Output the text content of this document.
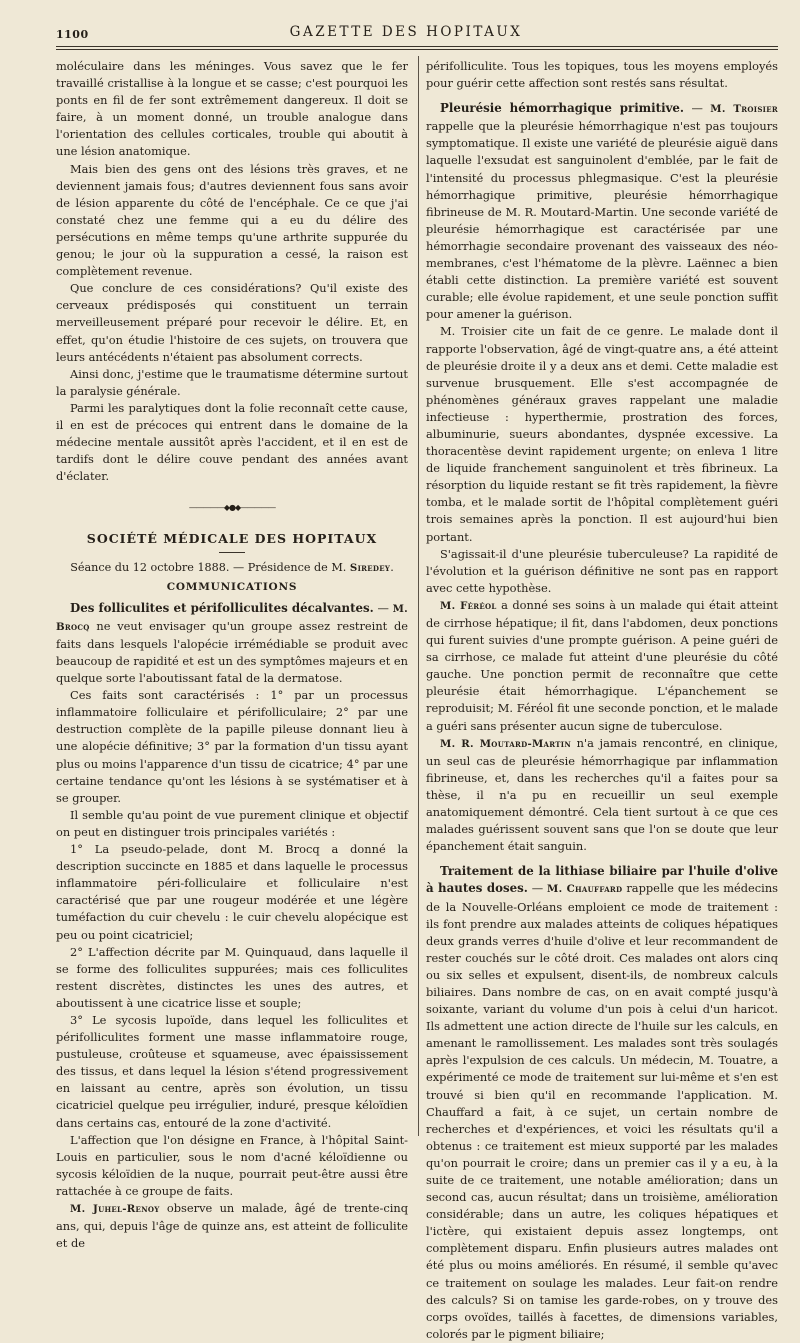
1100	GAZETTE DES HOPITAUX

moléculaire dans les méninges. Vous savez que le fer travaillé cristallise à la longue et se casse; c'est pourquoi les ponts en fil de fer sont extrêmement dangereux. Il doit se faire, à un moment donné, un trouble analogue dans l'orientation des cellules corticales, trouble qui aboutit à une lésion anatomique.

Mais bien des gens ont des lésions très graves, et ne deviennent jamais fous; d'autres deviennent fous sans avoir de lésion apparente du côté de l'encéphale. Ce ce que j'ai constaté chez une femme qui a eu du délire des persécutions en même temps qu'une arthrite suppurée du genou; le jour où la suppuration a cessé, la raison est complètement revenue.

Que conclure de ces considérations? Qu'il existe des cerveaux prédisposés qui constituent un terrain merveilleusement préparé pour recevoir le délire. Et, en effet, qu'on étudie l'histoire de ces sujets, on trouvera que leurs antécédents n'étaient pas absolument corrects.

Ainsi donc, j'estime que le traumatisme détermine surtout la paralysie générale.

Parmi les paralytiques dont la folie reconnaît cette cause, il en est de précoces qui entrent dans le domaine de la médecine mentale aussitôt après l'accident, et il en est de tardifs dont le délire couve pendant des années avant d'éclater.

—————◆●◆—————
SOCIÉTÉ MÉDICALE DES HOPITAUX

Séance du 12 octobre 1888. — Présidence de M. Siredey.

COMMUNICATIONS

Des folliculites et périfolliculites décalvantes. — M. Brocq ne veut envisager qu'un groupe assez restreint de faits dans lesquels l'alopécie irrémédiable se produit avec beaucoup de rapidité et est un des symptômes majeurs et en quelque sorte l'aboutissant fatal de la dermatose.

Ces faits sont caractérisés : 1° par un processus inflammatoire folliculaire et périfolliculaire; 2° par une destruction complète de la papille pileuse donnant lieu à une alopécie définitive; 3° par la formation d'un tissu ayant plus ou moins l'apparence d'un tissu de cicatrice; 4° par une certaine tendance qu'ont les lésions à se systématiser et à se grouper.

Il semble qu'au point de vue purement clinique et objectif on peut en distinguer trois principales variétés :

1° La pseudo-pelade, dont M. Brocq a donné la description succincte en 1885 et dans laquelle le processus inflammatoire péri-folliculaire et folliculaire n'est caractérisé que par une rougeur modérée et une légère tuméfaction du cuir chevelu : le cuir chevelu alopécique est peu ou point cicatriciel;

2° L'affection décrite par M. Quinquaud, dans laquelle il se forme des folliculites suppurées; mais ces folliculites restent discrètes, distinctes les unes des autres, et aboutissent à une cicatrice lisse et souple;

3° Le sycosis lupoïde, dans lequel les folliculites et périfolliculites forment une masse inflammatoire rouge, pustuleuse, croûteuse et squameuse, avec épaississement des tissus, et dans lequel la lésion s'étend progressivement en laissant au centre, après son évolution, un tissu cicatriciel quelque peu irrégulier, induré, presque kéloïdien dans certains cas, entouré de la zone d'activité.

L'affection que l'on désigne en France, à l'hôpital Saint-Louis en particulier, sous le nom d'acné kéloïdienne ou sycosis kéloïdien de la nuque, pourrait peut-être aussi être rattachée à ce groupe de faits.

M. Juhel-Renoy observe un malade, âgé de trente-cinq ans, qui, depuis l'âge de quinze ans, est atteint de folliculite et de

périfolliculite. Tous les topiques, tous les moyens employés pour guérir cette affection sont restés sans résultat.

Pleurésie hémorrhagique primitive. — M. Troisier rappelle que la pleurésie hémorrhagique n'est pas toujours symptomatique. Il existe une variété de pleurésie aiguë dans laquelle l'exsudat est sanguinolent d'emblée, par le fait de l'intensité du processus phlegmasique. C'est la pleurésie hémorrhagique primitive, pleurésie hémorrhagique fibrineuse de M. R. Moutard-Martin. Une seconde variété de pleurésie hémorrhagique est caractérisée par une hémorrhagie secondaire provenant des vaisseaux des néo-membranes, c'est l'hématome de la plèvre. Laënnec a bien établi cette distinction. La première variété est souvent curable; elle évolue rapidement, et une seule ponction suffit pour amener la guérison.

M. Troisier cite un fait de ce genre. Le malade dont il rapporte l'observation, âgé de vingt-quatre ans, a été atteint de pleurésie droite il y a deux ans et demi. Cette maladie est survenue brusquement. Elle s'est accompagnée de phénomènes généraux graves rappelant une maladie infectieuse : hyperthermie, prostration des forces, albuminurie, sueurs abondantes, dyspnée excessive. La thoracentèse devint rapidement urgente; on enleva 1 litre de liquide franchement sanguinolent et très fibrineux. La résorption du liquide restant se fit très rapidement, la fièvre tomba, et le malade sortit de l'hôpital complètement guéri trois semaines après la ponction. Il est aujourd'hui bien portant.

S'agissait-il d'une pleurésie tuberculeuse? La rapidité de l'évolution et la guérison définitive ne sont pas en rapport avec cette hypothèse.

M. Féréol a donné ses soins à un malade qui était atteint de cirrhose hépatique; il fit, dans l'abdomen, deux ponctions qui furent suivies d'une prompte guérison. A peine guéri de sa cirrhose, ce malade fut atteint d'une pleurésie du côté gauche. Une ponction permit de reconnaître que cette pleurésie était hémorrhagique. L'épanchement se reproduisit; M. Féréol fit une seconde ponction, et le malade a guéri sans présenter aucun signe de tuberculose.

M. R. Moutard-Martin n'a jamais rencontré, en clinique, un seul cas de pleurésie hémorrhagique par inflammation fibrineuse, et, dans les recherches qu'il a faites pour sa thèse, il n'a pu en recueillir un seul exemple anatomiquement démontré. Cela tient surtout à ce que ces malades guérissent souvent sans que l'on se doute que leur épanchement était sanguin.

Traitement de la lithiase biliaire par l'huile d'olive à hautes doses. — M. Chauffard rappelle que les médecins de la Nouvelle-Orléans emploient ce mode de traitement : ils font prendre aux malades atteints de coliques hépatiques deux grands verres d'huile d'olive et leur recommandent de rester couchés sur le côté droit. Ces malades ont alors cinq ou six selles et expulsent, disent-ils, de nombreux calculs biliaires. Dans nombre de cas, on en avait compté jusqu'à soixante, variant du volume d'un pois à celui d'un haricot. Ils admettent une action directe de l'huile sur les calculs, en amenant le ramollissement. Les malades sont très soulagés après l'expulsion de ces calculs. Un médecin, M. Touatre, a expérimenté ce mode de traitement sur lui-même et s'en est trouvé si bien qu'il en recommande l'application. M. Chauffard a fait, à ce sujet, un certain nombre de recherches et d'expériences, et voici les résultats qu'il a obtenus : ce traitement est mieux supporté par les malades qu'on pourrait le croire; dans un premier cas il y a eu, à la suite de ce traitement, une notable amélioration; dans un second cas, aucun résultat; dans un troisième, amélioration considérable; dans un autre, les coliques hépatiques et l'ictère, qui existaient depuis assez longtemps, ont complètement disparu. Enfin plusieurs autres malades ont été plus ou moins améliorés. En résumé, il semble qu'avec ce traitement on soulage les malades. Leur fait-on rendre des calculs? Si on tamise les garde-robes, on y trouve des corps ovoïdes, taillés à facettes, de dimensions variables, colorés par le pigment biliaire;
